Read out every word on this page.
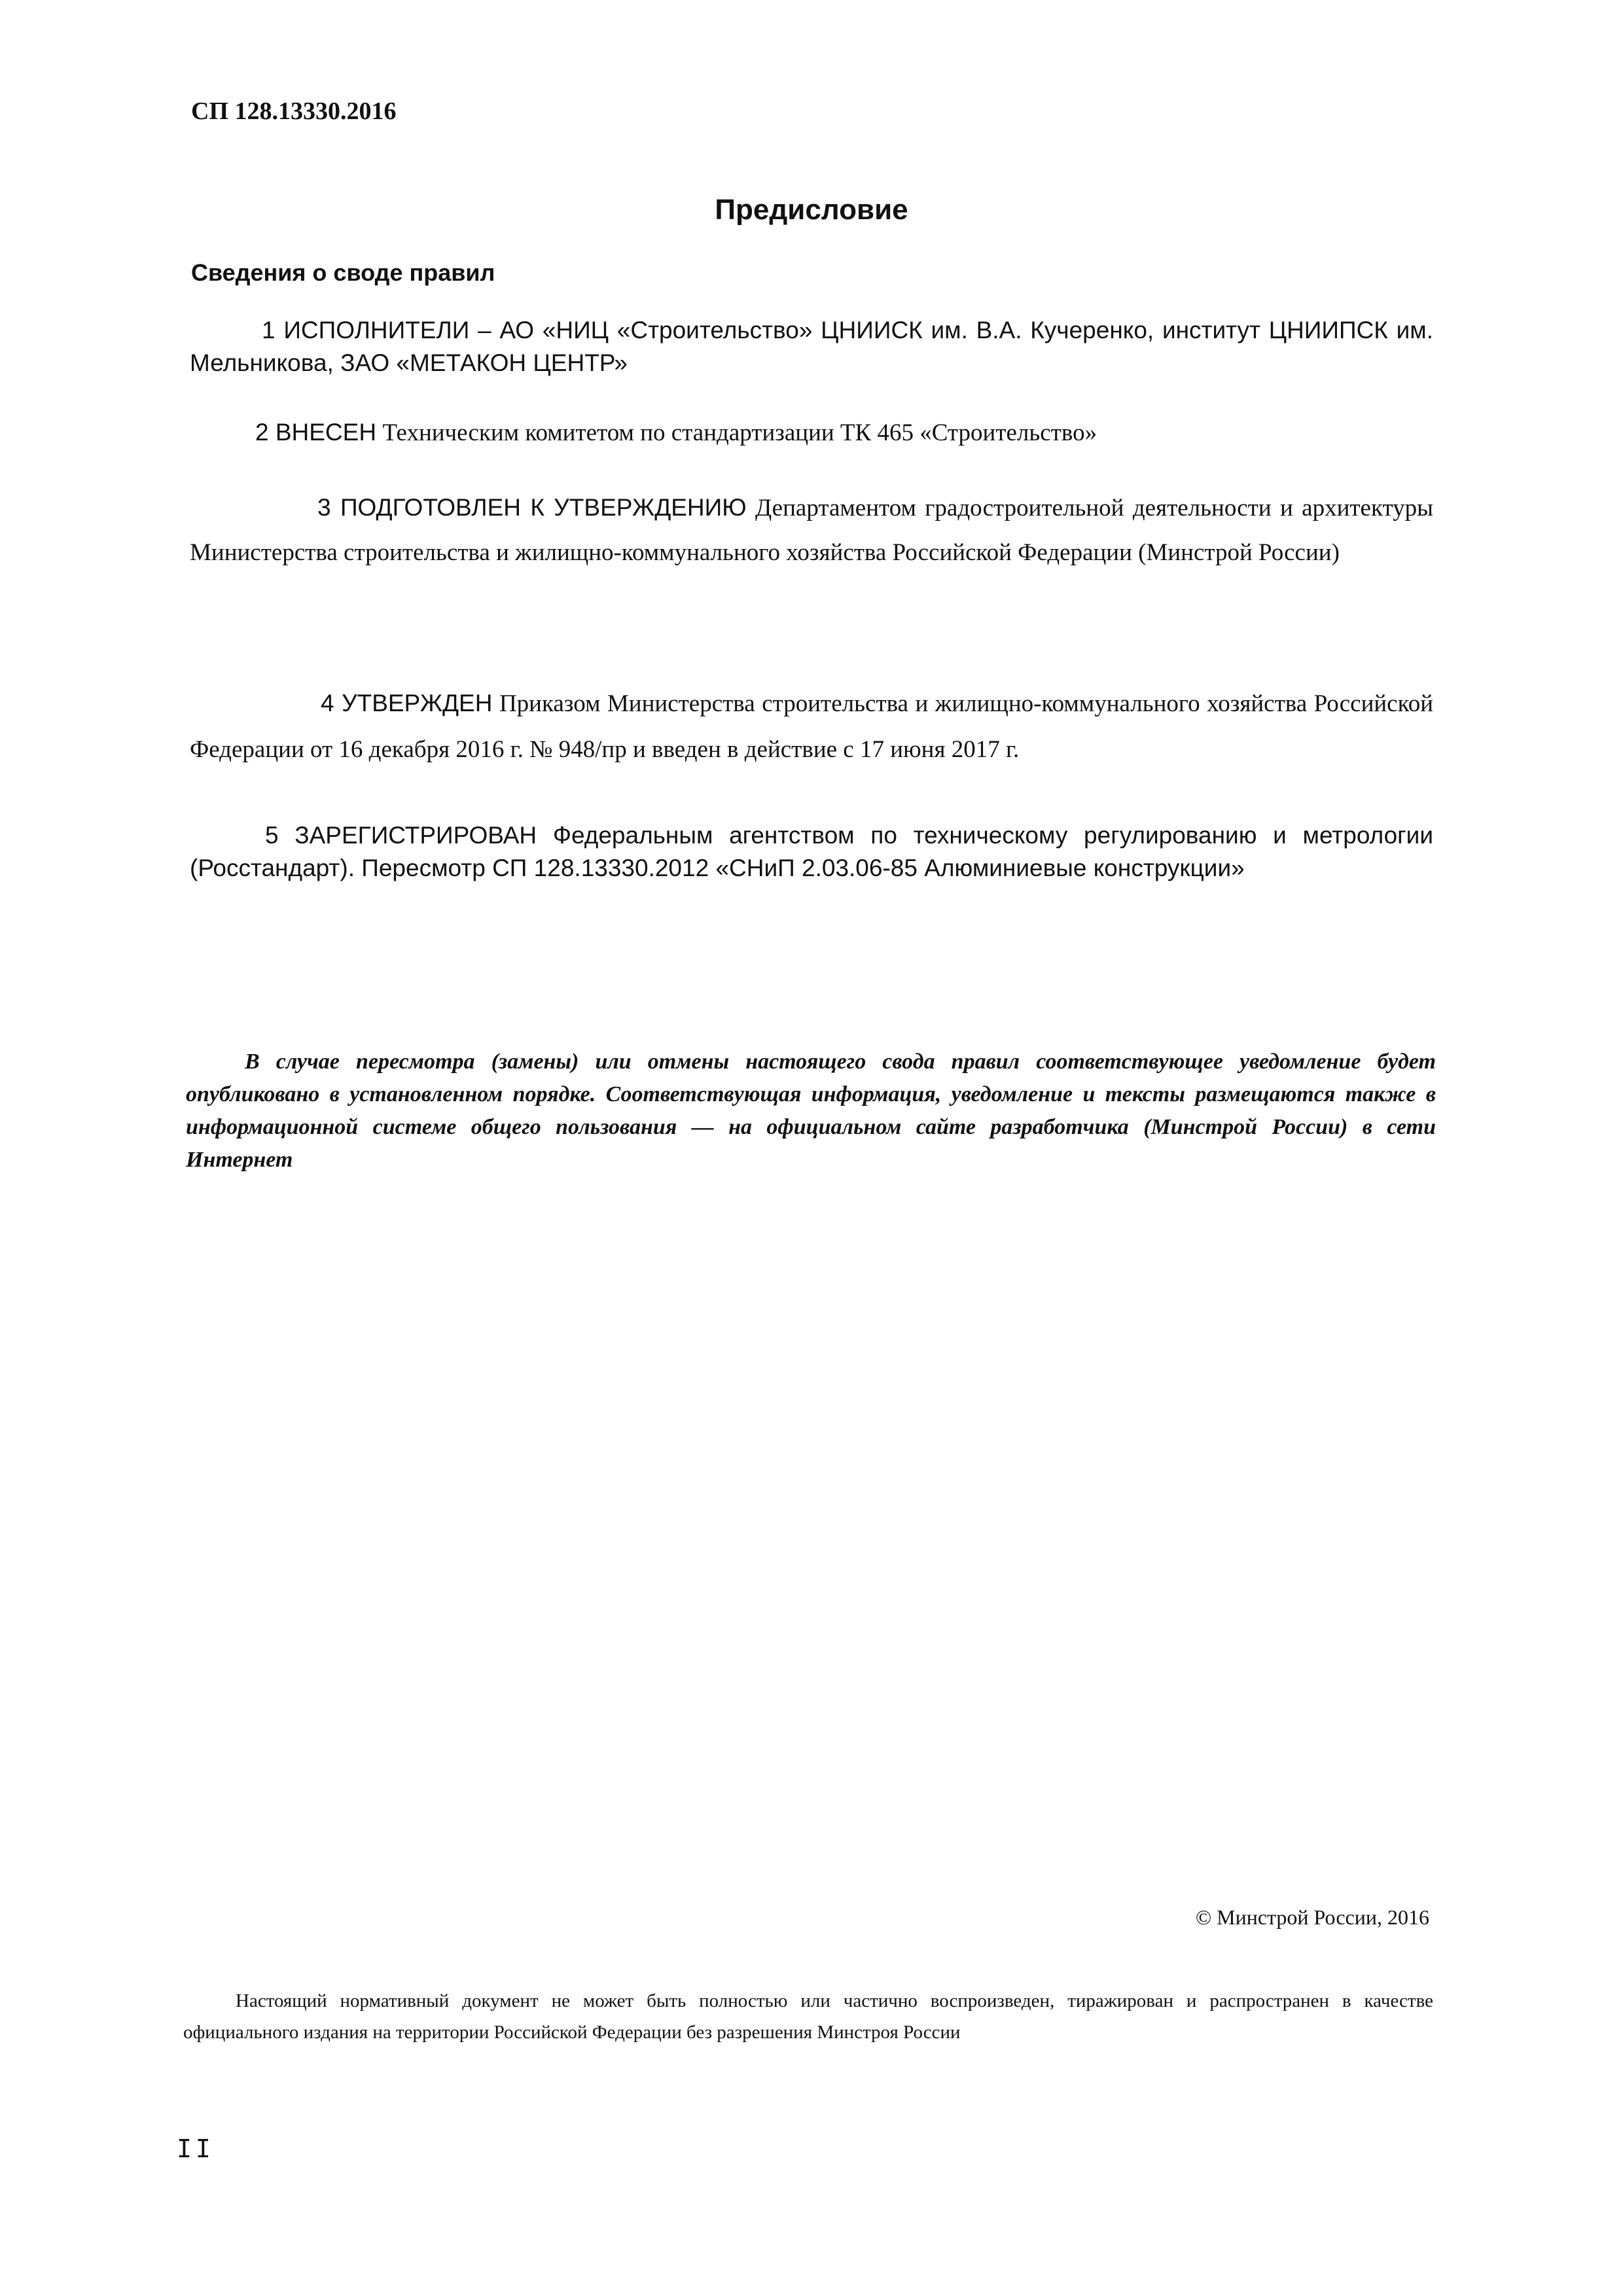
СП 128.13330.2016
Предисловие
Сведения о своде правил

1 ИСПОЛНИТЕЛИ – АО «НИЦ «Строительство» ЦНИИСК им. В.А. Кучеренко, институт ЦНИИПСК им. Мельникова, ЗАО «МЕТАКОН ЦЕНТР»

2 ВНЕСЕН Техническим комитетом по стандартизации ТК 465 «Строительство»

3 ПОДГОТОВЛЕН К УТВЕРЖДЕНИЮ Департаментом градостроительной деятельности и архитектуры Министерства строительства и жилищно-коммунального хозяйства Российской Федерации (Минстрой России)

4 УТВЕРЖДЕН Приказом Министерства строительства и жилищно-коммунального хозяйства Российской Федерации от 16 декабря 2016 г. № 948/пр и введен в действие с 17 июня 2017 г.

5 ЗАРЕГИСТРИРОВАН Федеральным агентством по техническому регулированию и метрологии (Росстандарт). Пересмотр СП 128.13330.2012 «СНиП 2.03.06-85 Алюминиевые конструкции»

В случае пересмотра (замены) или отмены настоящего свода правил соответствующее уведомление будет опубликовано в установленном порядке. Соответствующая информация, уведомление и тексты размещаются также в информационной системе общего пользования — на официальном сайте разработчика (Минстрой России) в сети Интернет

© Минстрой России, 2016

Настоящий нормативный документ не может быть полностью или частично воспроизведен, тиражирован и распространен в качестве официального издания на территории Российской Федерации без разрешения Минстроя России

II
